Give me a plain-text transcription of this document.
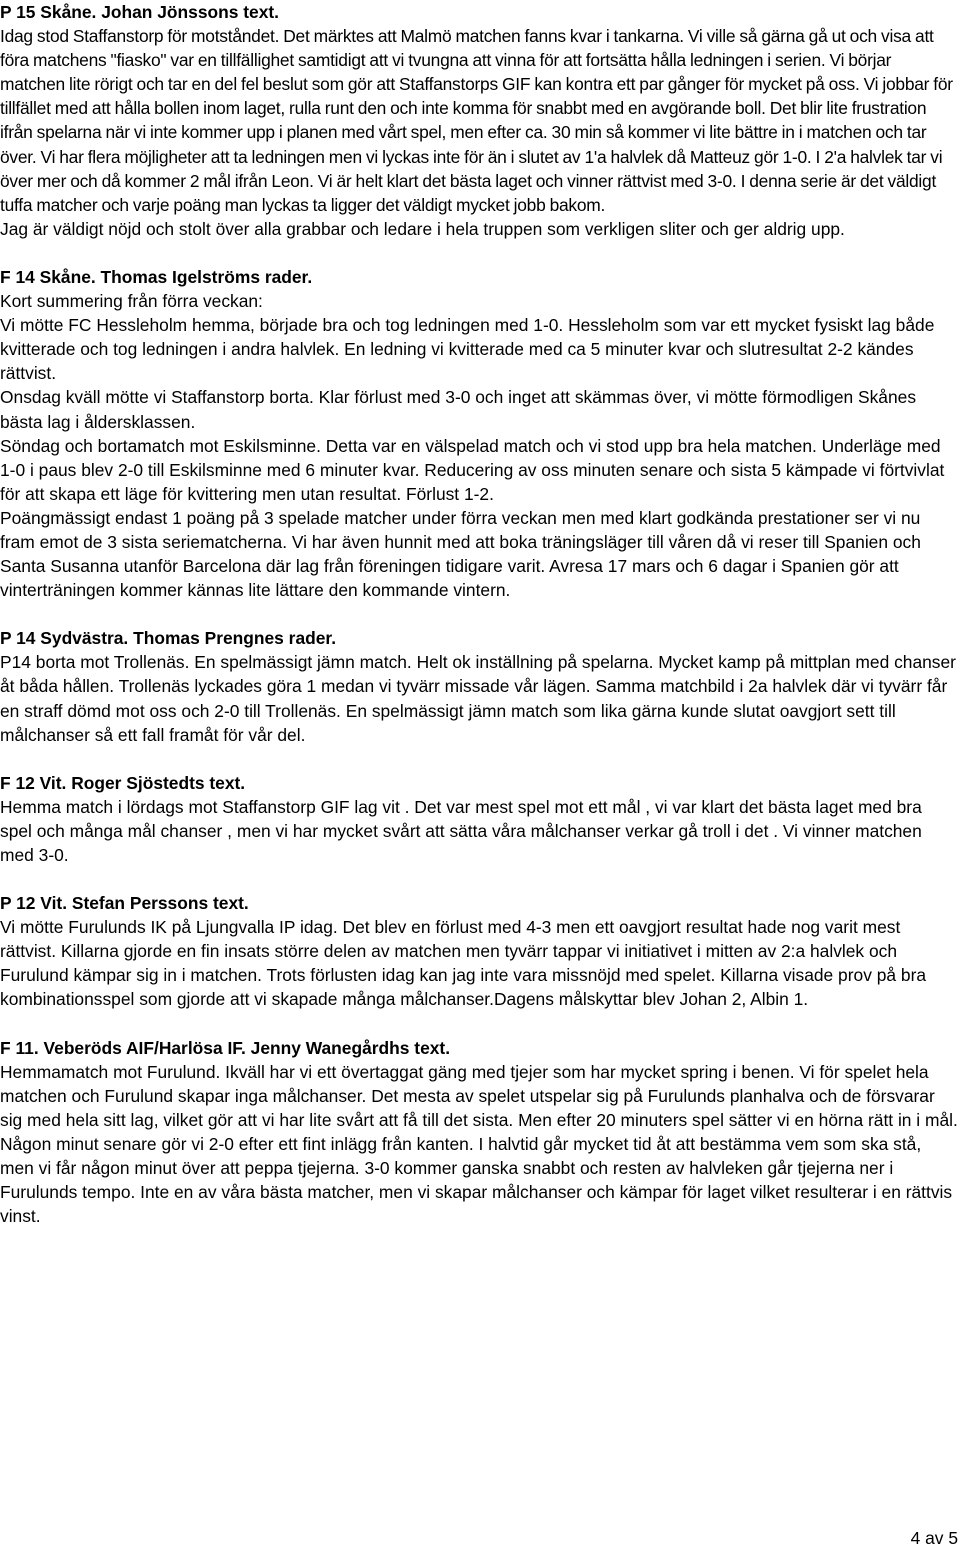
P 15 Skåne. Johan Jönssons text.
Idag stod Staffanstorp för motståndet. Det märktes att Malmö matchen fanns kvar i tankarna. Vi ville så gärna gå ut och visa att föra matchens "fiasko" var en tillfällighet samtidigt att vi tvungna att vinna för att fortsätta hålla ledningen i serien. Vi börjar matchen lite rörigt och tar en del fel beslut som gör att Staffanstorps GIF kan kontra ett par gånger för mycket på oss. Vi jobbar för tillfället med att hålla bollen inom laget, rulla runt den och inte komma för snabbt med en avgörande boll. Det blir lite frustration ifrån spelarna när vi inte kommer upp i planen med vårt spel, men efter ca. 30 min så kommer vi lite bättre in i matchen och tar över. Vi har flera möjligheter att ta ledningen men vi lyckas inte för än i slutet av 1'a halvlek då Matteuz gör 1-0. I 2'a halvlek tar vi över mer och då kommer 2 mål ifrån Leon. Vi är helt klart det bästa laget och vinner rättvist med 3-0. I denna serie är det väldigt tuffa matcher och varje poäng man lyckas ta ligger det väldigt mycket jobb bakom.
Jag är väldigt nöjd och stolt över alla grabbar och ledare i hela truppen som verkligen sliter och ger aldrig upp.
F 14 Skåne. Thomas Igelströms rader.
Kort summering från förra veckan:
Vi mötte FC Hessleholm hemma, började bra och tog ledningen med 1-0. Hessleholm som var ett mycket fysiskt lag både kvitterade och tog ledningen i andra halvlek. En ledning vi kvitterade med ca 5 minuter kvar och slutresultat 2-2 kändes rättvist.
Onsdag kväll mötte vi Staffanstorp borta. Klar förlust med 3-0 och inget att skämmas över, vi mötte förmodligen Skånes bästa lag i åldersklassen.
Söndag och bortamatch mot Eskilsminne. Detta var en välspelad match och vi stod upp bra hela matchen. Underläge med 1-0 i paus blev 2-0 till Eskilsminne med 6 minuter kvar. Reducering av oss minuten senare och sista 5 kämpade vi förtvivlat för att skapa ett läge för kvittering men utan resultat. Förlust 1-2.
Poängmässigt endast 1 poäng på 3 spelade matcher under förra veckan men med klart godkända prestationer ser vi nu fram emot de 3 sista seriematcherna. Vi har även hunnit med att boka träningsläger till våren då vi reser till Spanien och Santa Susanna utanför Barcelona där lag från föreningen tidigare varit. Avresa 17 mars och 6 dagar i Spanien gör att vinterträningen kommer kännas lite lättare den kommande vintern.
P 14 Sydvästra. Thomas Prengnes rader.
P14 borta mot Trollenäs. En spelmässigt jämn match. Helt ok inställning på spelarna. Mycket kamp på mittplan med chanser åt båda hållen. Trollenäs lyckades göra 1 medan vi tyvärr missade vår lägen. Samma matchbild i 2a halvlek där vi tyvärr får en straff dömd mot oss och 2-0 till Trollenäs. En spelmässigt jämn match som lika gärna kunde slutat oavgjort sett till målchanser så ett fall framåt för vår del.
F 12 Vit. Roger Sjöstedts text.
Hemma match i lördags mot Staffanstorp GIF lag vit . Det var mest spel mot ett mål , vi var klart det bästa laget med bra spel och många mål chanser , men vi har mycket svårt att sätta våra målchanser verkar gå troll i det . Vi vinner matchen med 3-0.
P 12 Vit. Stefan Perssons text.
Vi mötte Furulunds IK på Ljungvalla IP idag. Det blev en förlust med 4-3 men ett oavgjort resultat hade nog varit mest rättvist. Killarna gjorde en fin insats större delen av matchen men tyvärr tappar vi initiativet i mitten av 2:a halvlek och Furulund kämpar sig in i matchen. Trots förlusten idag kan jag inte vara missnöjd med spelet. Killarna visade prov på bra kombinationsspel som gjorde att vi skapade många målchanser.Dagens målskyttar blev Johan 2, Albin 1.
F 11. Veberöds AIF/Harlösa IF. Jenny Wanegårdhs text.
Hemmamatch mot Furulund. Ikväll har vi ett övertaggat gäng med tjejer som har mycket spring i benen. Vi för spelet hela matchen och Furulund skapar inga målchanser. Det mesta av spelet utspelar sig på Furulunds planhalva och de försvarar sig med hela sitt lag, vilket gör att vi har lite svårt att få till det sista. Men efter 20 minuters spel sätter vi en hörna rätt in i mål. Någon minut senare gör vi 2-0 efter ett fint inlägg från kanten. I halvtid går mycket tid åt att bestämma vem som ska stå, men vi får någon minut över att peppa tjejerna. 3-0 kommer ganska snabbt och resten av halvleken går tjejerna ner i Furulunds tempo. Inte en av våra bästa matcher, men vi skapar målchanser och kämpar för laget vilket resulterar i en rättvis vinst.
4 av 5
